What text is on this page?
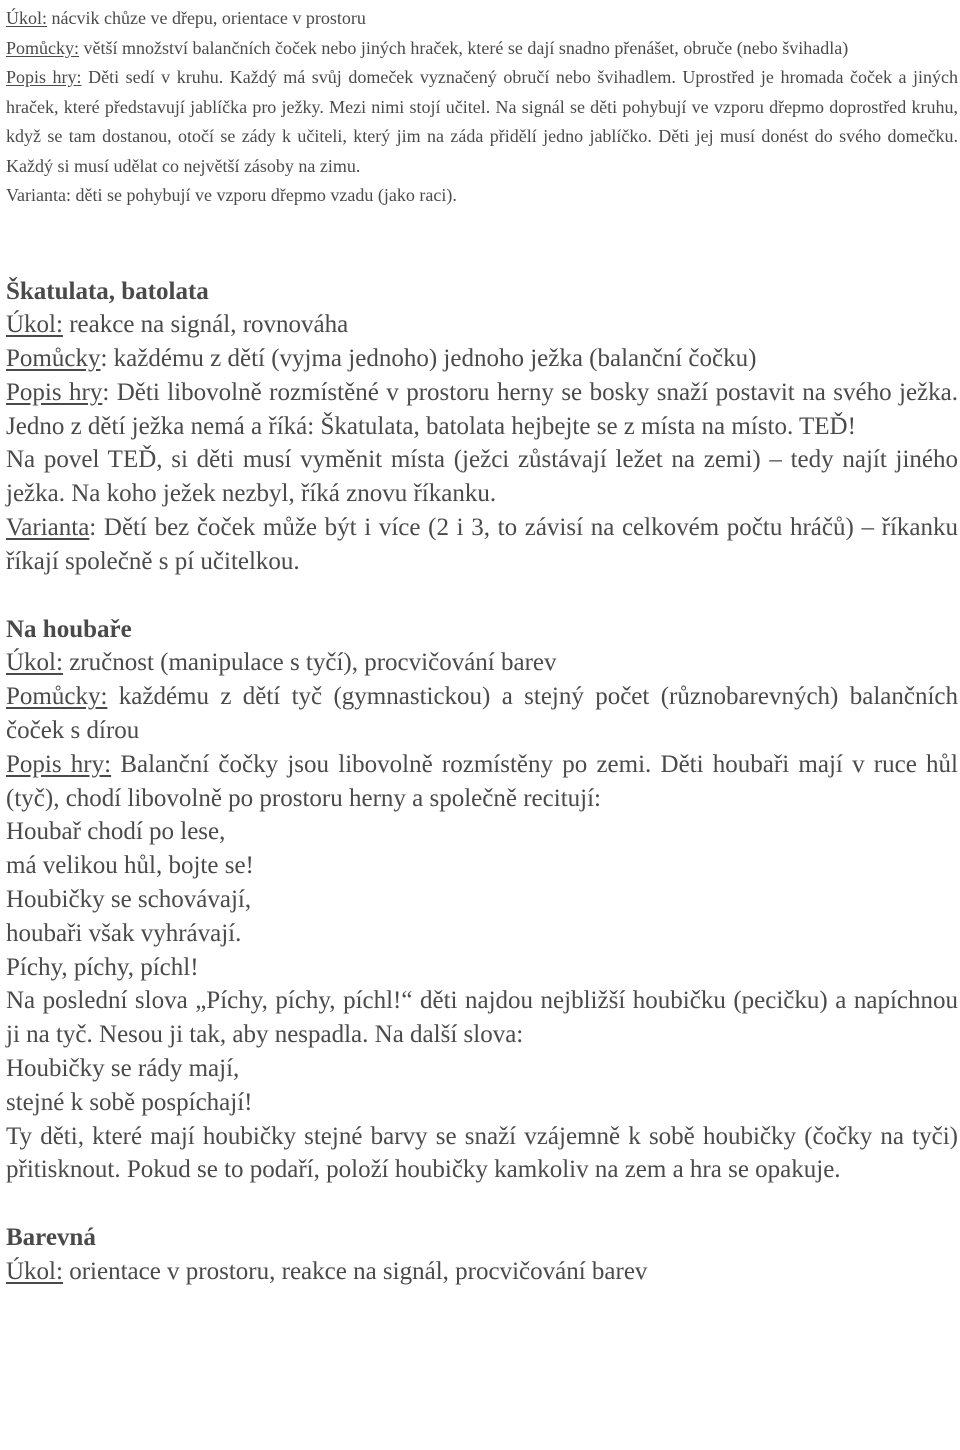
Úkol: nácvik chůze ve dřepu, orientace v prostoru

Pomůcky: větší množství balančních čoček nebo jiných hraček, které se dají snadno přenášet, obruče (nebo švihadla)

Popis hry: Děti sedí v kruhu. Každý má svůj domeček vyznačený obručí nebo švihadlem. Uprostřed je hromada čoček a jiných hraček, které představují jablíčka pro ježky. Mezi nimi stojí učitel. Na signál se děti pohybují ve vzporu dřepmo doprostřed kruhu, když se tam dostanou, otočí se zády k učiteli, který jim na záda přidělí jedno jablíčko. Děti jej musí donést do svého domečku. Každý si musí udělat co největší zásoby na zimu.

Varianta: děti se pohybují ve vzporu dřepmo vzadu (jako raci).

Škatulata, batolata

Úkol: reakce na signál, rovnováha

Pomůcky: každému z dětí (vyjma jednoho) jednoho ježka (balanční čočku)

Popis hry: Děti libovolně rozmístěné v prostoru herny se bosky snaží postavit na svého ježka. Jedno z dětí ježka nemá a říká: Škatulata, batolata hejbejte se z místa na místo. TEĎ!

Na povel TEĎ, si děti musí vyměnit místa (ježci zůstávají ležet na zemi) – tedy najít jiného ježka. Na koho ježek nezbyl, říká znovu říkanku.

Varianta: Dětí bez čoček může být i více (2 i 3, to závisí na celkovém počtu hráčů) – říkanku říkají společně s pí učitelkou.

Na houbaře

Úkol: zručnost (manipulace s tyčí), procvičování barev

Pomůcky: každému z dětí tyč (gymnastickou) a stejný počet (různobarevných) balančních čoček s dírou

Popis hry: Balanční čočky jsou libovolně rozmístěny po zemi. Děti houbaři mají v ruce hůl (tyč), chodí libovolně po prostoru herny a společně recitují:

Houbař chodí po lese,

má velikou hůl, bojte se!

Houbičky se schovávají,

houbaři však vyhrávají.

Píchy, píchy, píchl!

Na poslední slova „Píchy, píchy, píchl!“ děti najdou nejbližší houbičku (pecičku) a napíchnou ji na tyč. Nesou ji tak, aby nespadla. Na další slova:

Houbičky se rády mají,

stejné k sobě pospíchají!

Ty děti, které mají houbičky stejné barvy se snaží vzájemně k sobě houbičky (čočky na tyči) přitisknout. Pokud se to podaří, položí houbičky kamkoliv na zem a hra se opakuje.

Barevná

Úkol: orientace v prostoru, reakce na signál, procvičování barev
